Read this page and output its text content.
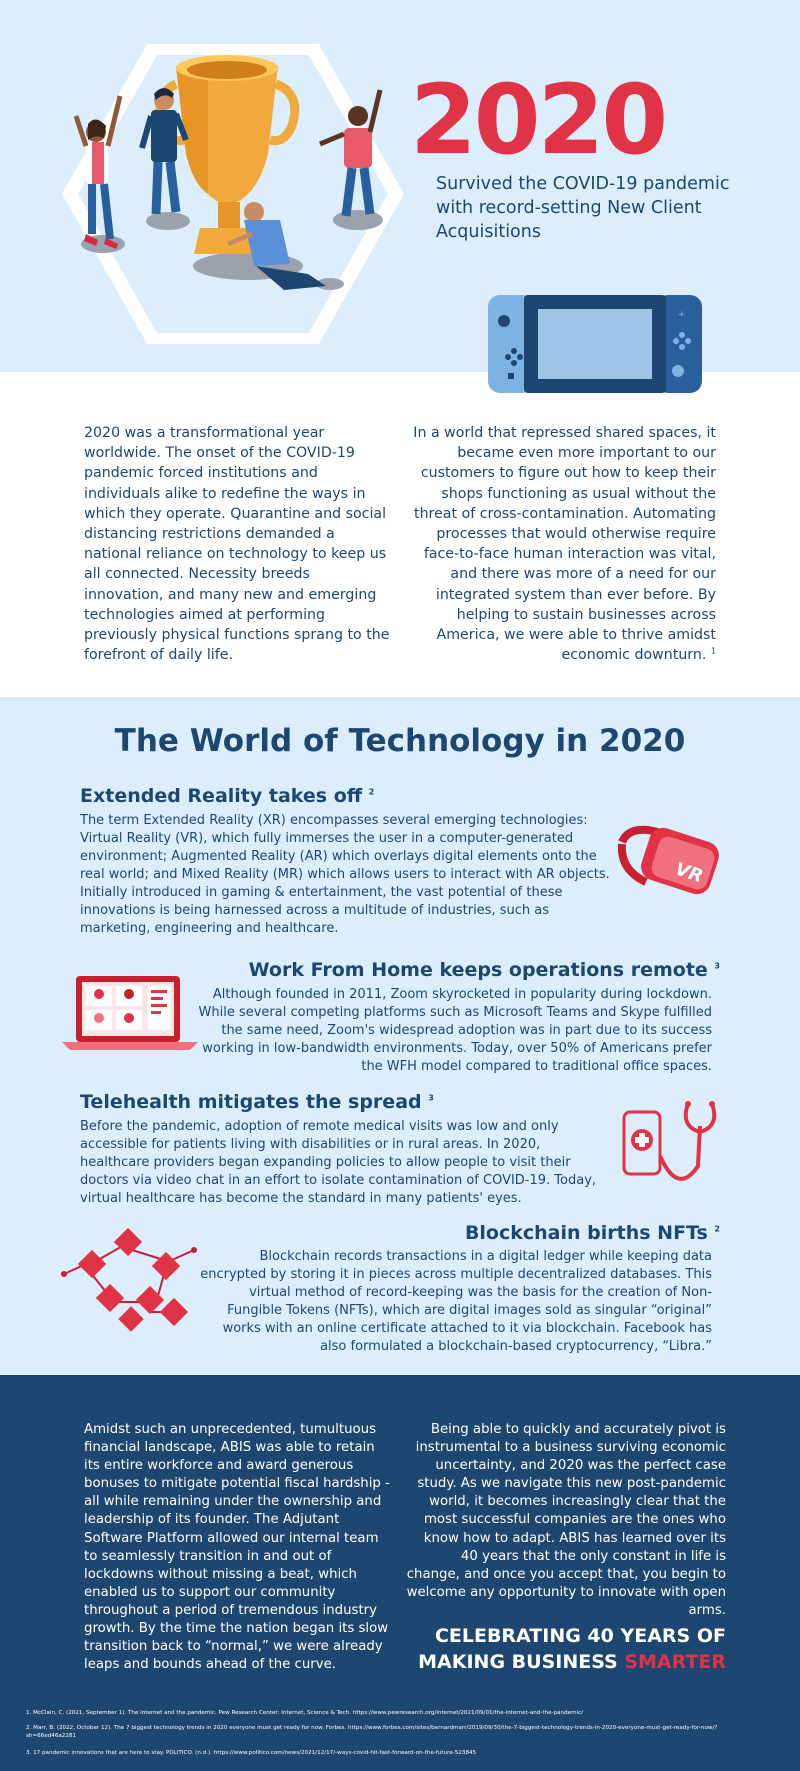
2020
Survived the COVID-19 pandemic with record-setting New Client Acquisitions
+

2020 was a transformational year worldwide. The onset of the COVID-19 pandemic forced institutions and individuals alike to redefine the ways in which they operate. Quarantine and social distancing restrictions demanded a national reliance on technology to keep us all connected. Necessity breeds innovation, and many new and emerging technologies aimed at performing previously physical functions sprang to the forefront of daily life.

In a world that repressed shared spaces, it became even more important to our customers to figure out how to keep their shops functioning as usual without the threat of cross-contamination. Automating processes that would otherwise require face-to-face human interaction was vital, and there was more of a need for our integrated system than ever before. By helping to sustain businesses across America, we were able to thrive amidst economic downturn. $^1$

The World of Technology in 2020
Extended Reality takes off $^2$

The term Extended Reality (XR) encompasses several emerging technologies: Virtual Reality (VR), which fully immerses the user in a computer-generated environment; Augmented Reality (AR) which overlays digital elements onto the real world; and Mixed Reality (MR) which allows users to interact with AR objects. Initially introduced in gaming & entertainment, the vast potential of these innovations is being harnessed across a multitude of industries, such as marketing, engineering and healthcare.

VR
Work From Home keeps operations remote $^3$

Although founded in 2011, Zoom skyrocketed in popularity during lockdown. While several competing platforms such as Microsoft Teams and Skype fulfilled the same need, Zoom's widespread adoption was in part due to its success working in low-bandwidth environments. Today, over 50% of Americans prefer the WFH model compared to traditional office spaces.

Telehealth mitigates the spread $^3$

Before the pandemic, adoption of remote medical visits was low and only accessible for patients living with disabilities or in rural areas. In 2020, healthcare providers began expanding policies to allow people to visit their doctors via video chat in an effort to isolate contamination of COVID-19. Today, virtual healthcare has become the standard in many patients' eyes.

Blockchain births NFTs $^2$

Blockchain records transactions in a digital ledger while keeping data encrypted by storing it in pieces across multiple decentralized databases. This virtual method of record-keeping was the basis for the creation of Non-Fungible Tokens (NFTs), which are digital images sold as singular “original” works with an online certificate attached to it via blockchain. Facebook has also formulated a blockchain-based cryptocurrency, “Libra.”

Amidst such an unprecedented, tumultuous financial landscape, ABIS was able to retain its entire workforce and award generous bonuses to mitigate potential fiscal hardship - all while remaining under the ownership and leadership of its founder. The Adjutant Software Platform allowed our internal team to seamlessly transition in and out of lockdowns without missing a beat, which enabled us to support our community throughout a period of tremendous industry growth. By the time the nation began its slow transition back to “normal,” we were already leaps and bounds ahead of the curve.

Being able to quickly and accurately pivot is instrumental to a business surviving economic uncertainty, and 2020 was the perfect case study. As we navigate this new post-pandemic world, it becomes increasingly clear that the most successful companies are the ones who know how to adapt. ABIS has learned over its 40 years that the only constant in life is change, and once you accept that, you begin to welcome any opportunity to innovate with open arms.

CELEBRATING 40 YEARS OF
MAKING BUSINESS SMARTER

1. McClain, C. (2021, September 1). The internet and the pandemic. Pew Research Center: Internet, Science & Tech. https://www.pewresearch.org/internet/2021/09/01/the-internet-and-the-pandemic/

2. Marr, B. (2022, October 12). The 7 biggest technology trends in 2020 everyone must get ready for now. Forbes. https://www.forbes.com/sites/bernardmarr/2019/09/30/the-7-biggest-technology-trends-in-2020-everyone-must-get-ready-for-now/?sh=66ed46a2281

3. 17 pandemic innovations that are here to stay. POLITICO. (n.d.). https://www.politico.com/news/2021/12/17/-ways-covid-hit-fast-forward-on-the-future-523845
